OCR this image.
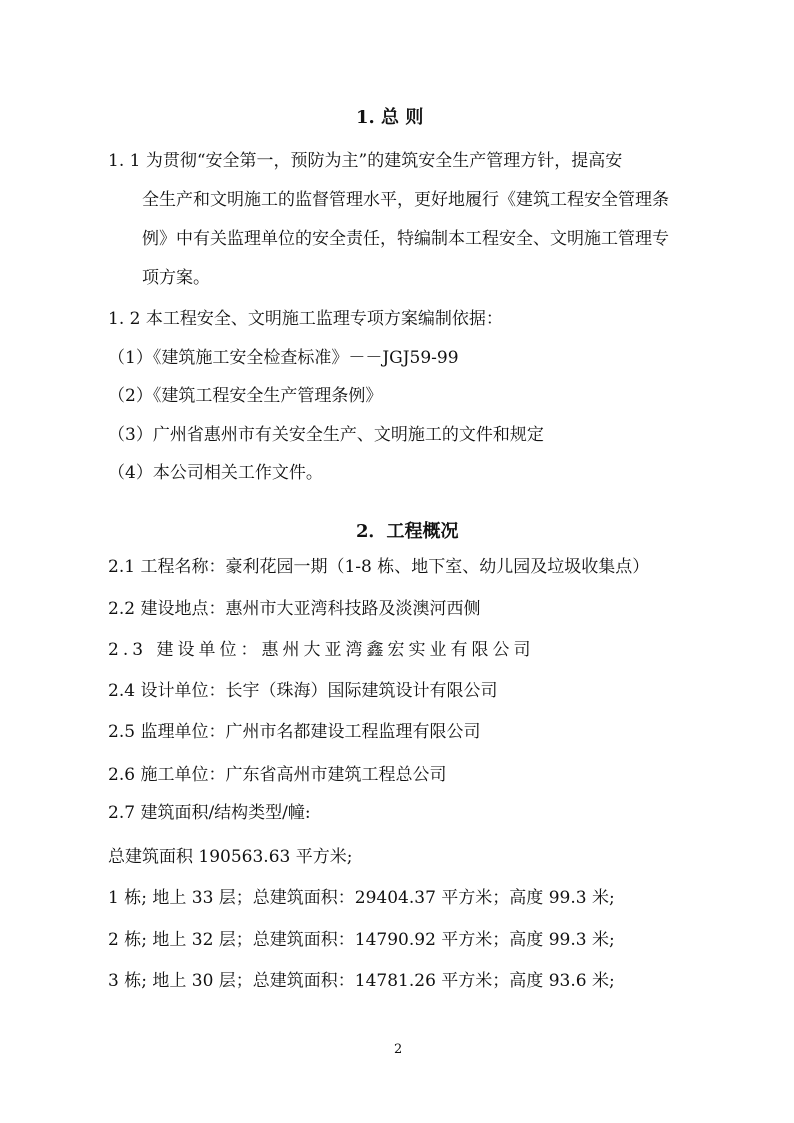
1. 总 则
1. 1 为贯彻“安全第一，预防为主”的建筑安全生产管理方针，提高安
全生产和文明施工的监督管理水平，更好地履行《建筑工程安全管理条
例》中有关监理单位的安全责任，特编制本工程安全、文明施工管理专
项方案。
1. 2 本工程安全、文明施工监理专项方案编制依据：
（1）《建筑施工安全检查标准》－－JGJ59-99
（2）《建筑工程安全生产管理条例》
（3）广州省惠州市有关安全生产、文明施工的文件和规定
（4）本公司相关工作文件。
2．工程概况
2.1 工程名称：豪利花园一期（1-8 栋、地下室、幼儿园及垃圾收集点）
2.2 建设地点：惠州市大亚湾科技路及淡澳河西侧
2.3 建设单位：惠州大亚湾鑫宏实业有限公司
2.4 设计单位：长宇（珠海）国际建筑设计有限公司
2.5 监理单位：广州市名都建设工程监理有限公司
2.6 施工单位：广东省高州市建筑工程总公司
2.7 建筑面积/结构类型/幢:
总建筑面积 190563.63 平方米;
1 栋; 地上 33 层；总建筑面积：29404.37 平方米；高度 99.3 米;
2 栋; 地上 32 层；总建筑面积：14790.92 平方米；高度 99.3 米;
3 栋; 地上 30 层；总建筑面积：14781.26 平方米；高度 93.6 米;
2
